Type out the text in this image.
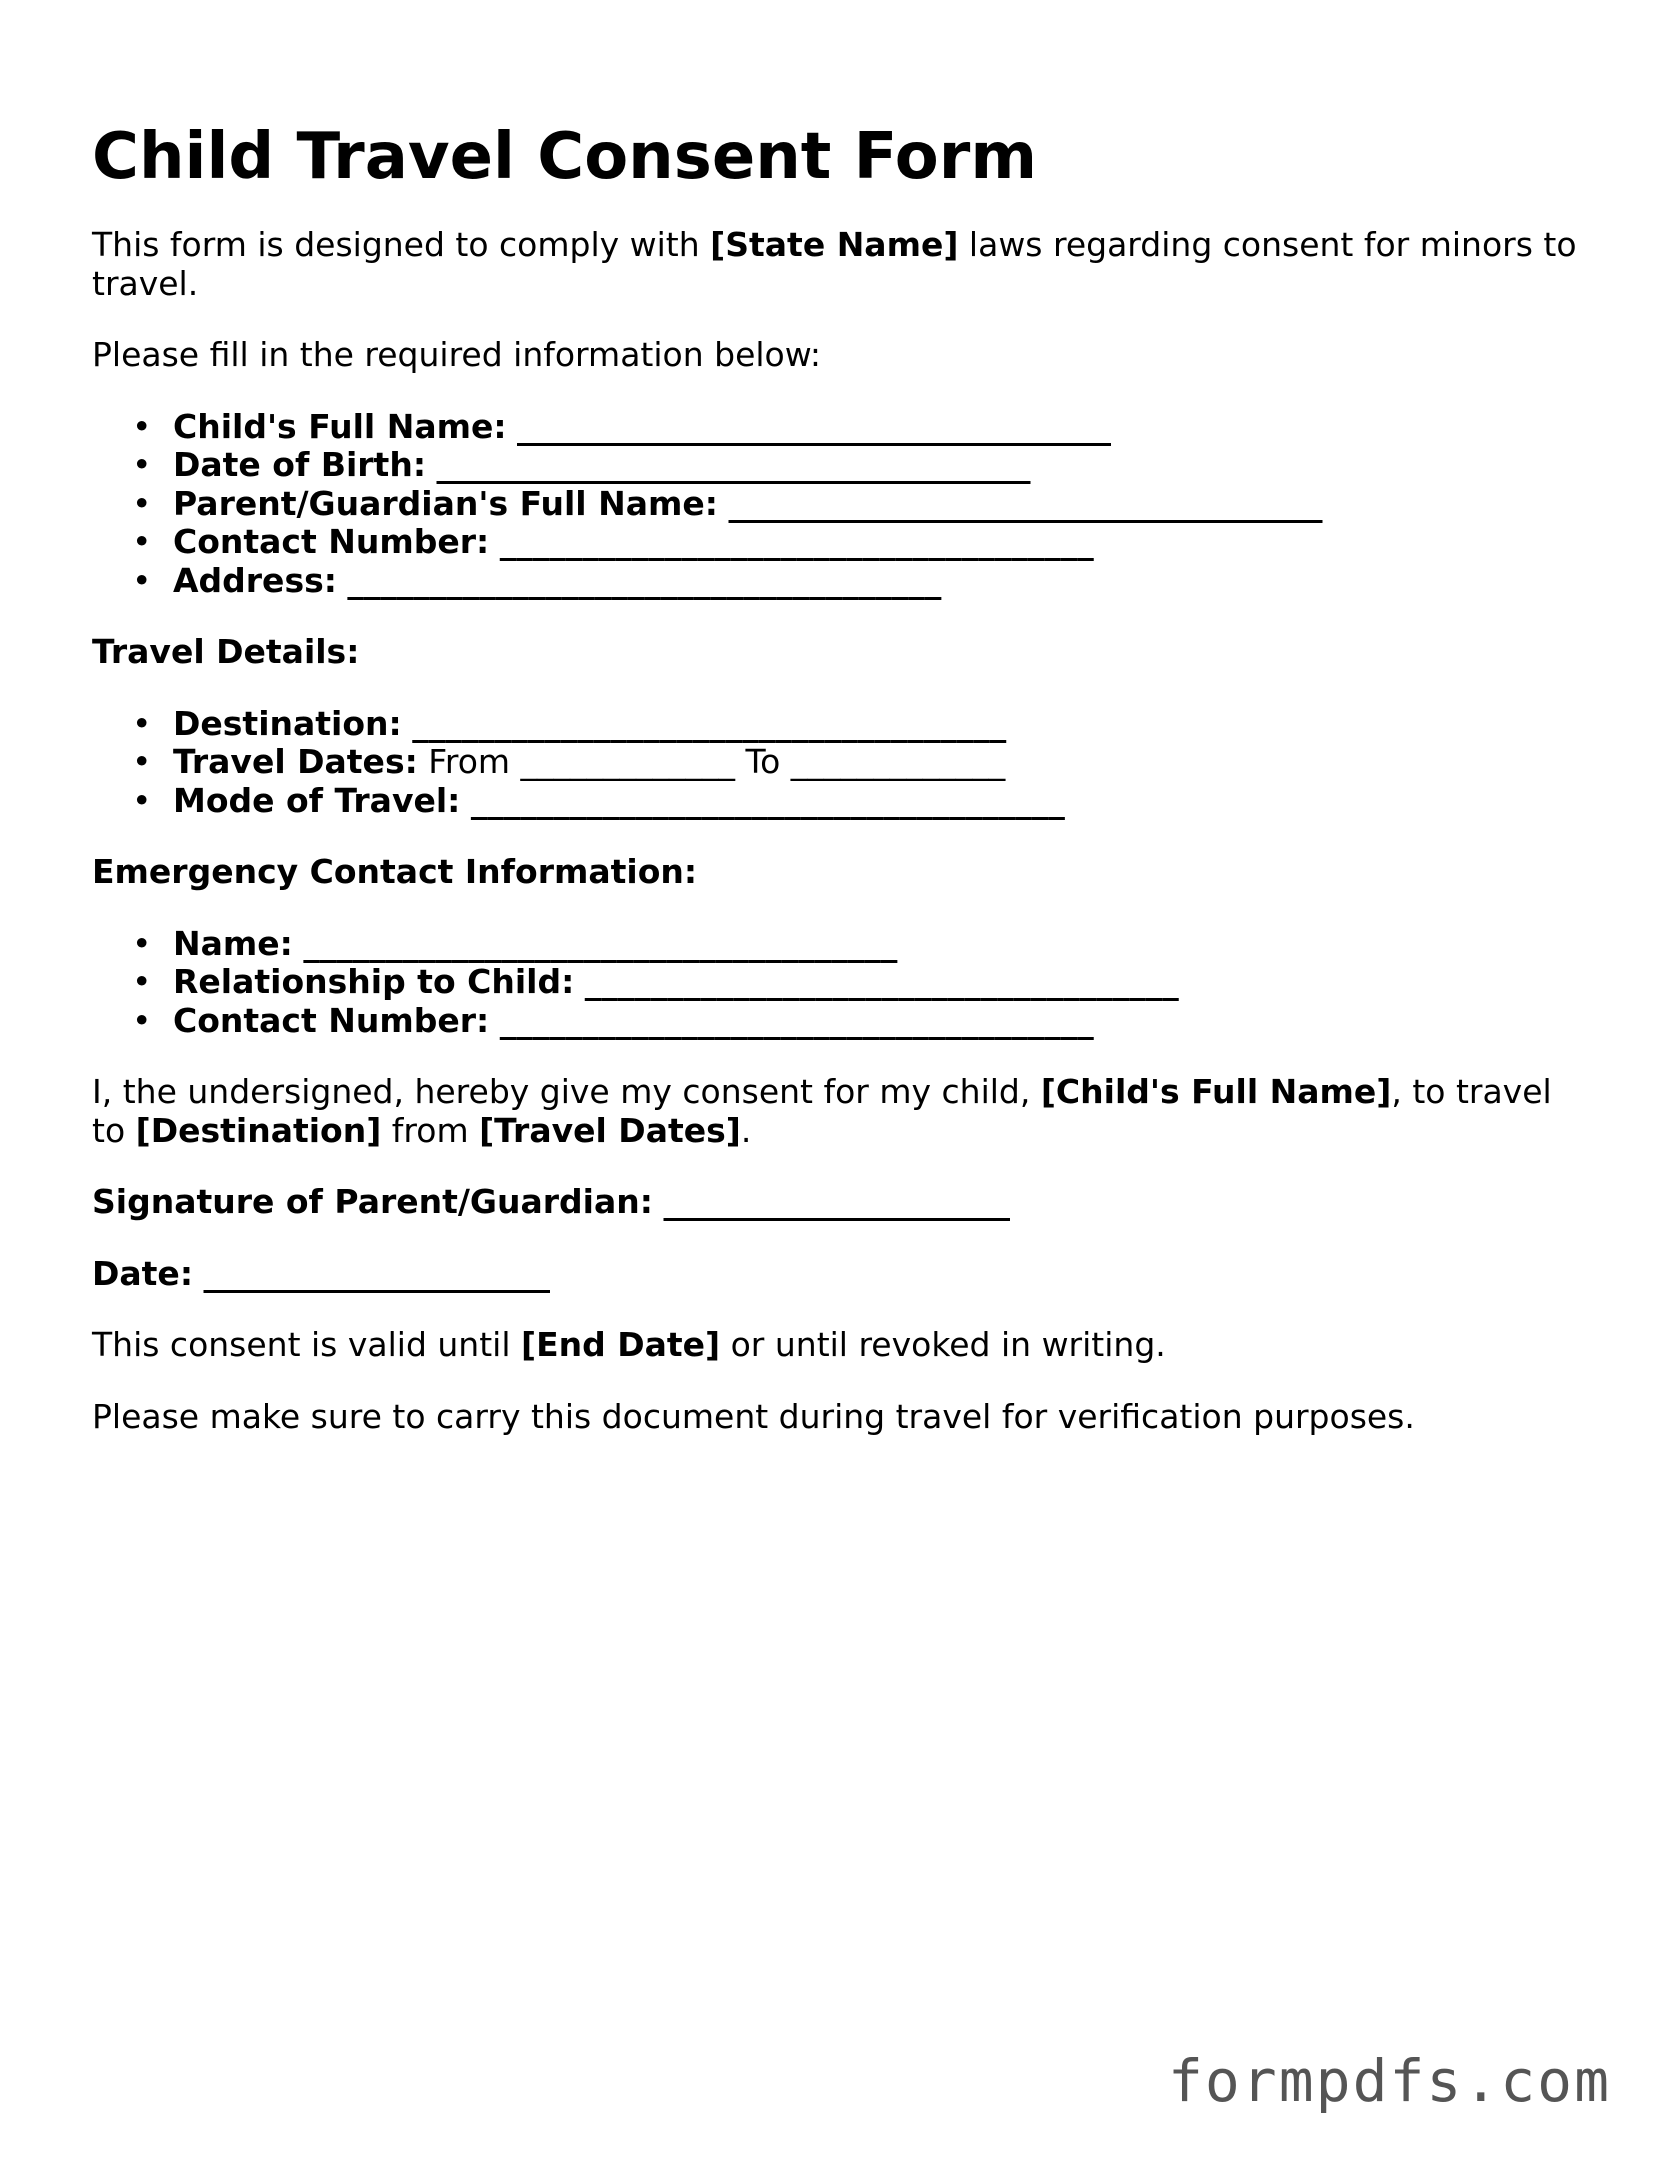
Child Travel Consent Form

This form is designed to comply with [State Name] laws regarding consent for minors to travel.

Please fill in the required information below:

• Child's Full Name: ____________________________________
• Date of Birth: ____________________________________
• Parent/Guardian's Full Name: ____________________________________
• Contact Number: ____________________________________
• Address: ____________________________________

Travel Details:

• Destination: ____________________________________
• Travel Dates: From _____________ To _____________
• Mode of Travel: ____________________________________

Emergency Contact Information:

• Name: ____________________________________
• Relationship to Child: ____________________________________
• Contact Number: ____________________________________

I, the undersigned, hereby give my consent for my child, [Child's Full Name], to travel to [Destination] from [Travel Dates].

Signature of Parent/Guardian: _____________________

Date: _____________________

This consent is valid until [End Date] or until revoked in writing.

Please make sure to carry this document during travel for verification purposes.

formpdfs.com
